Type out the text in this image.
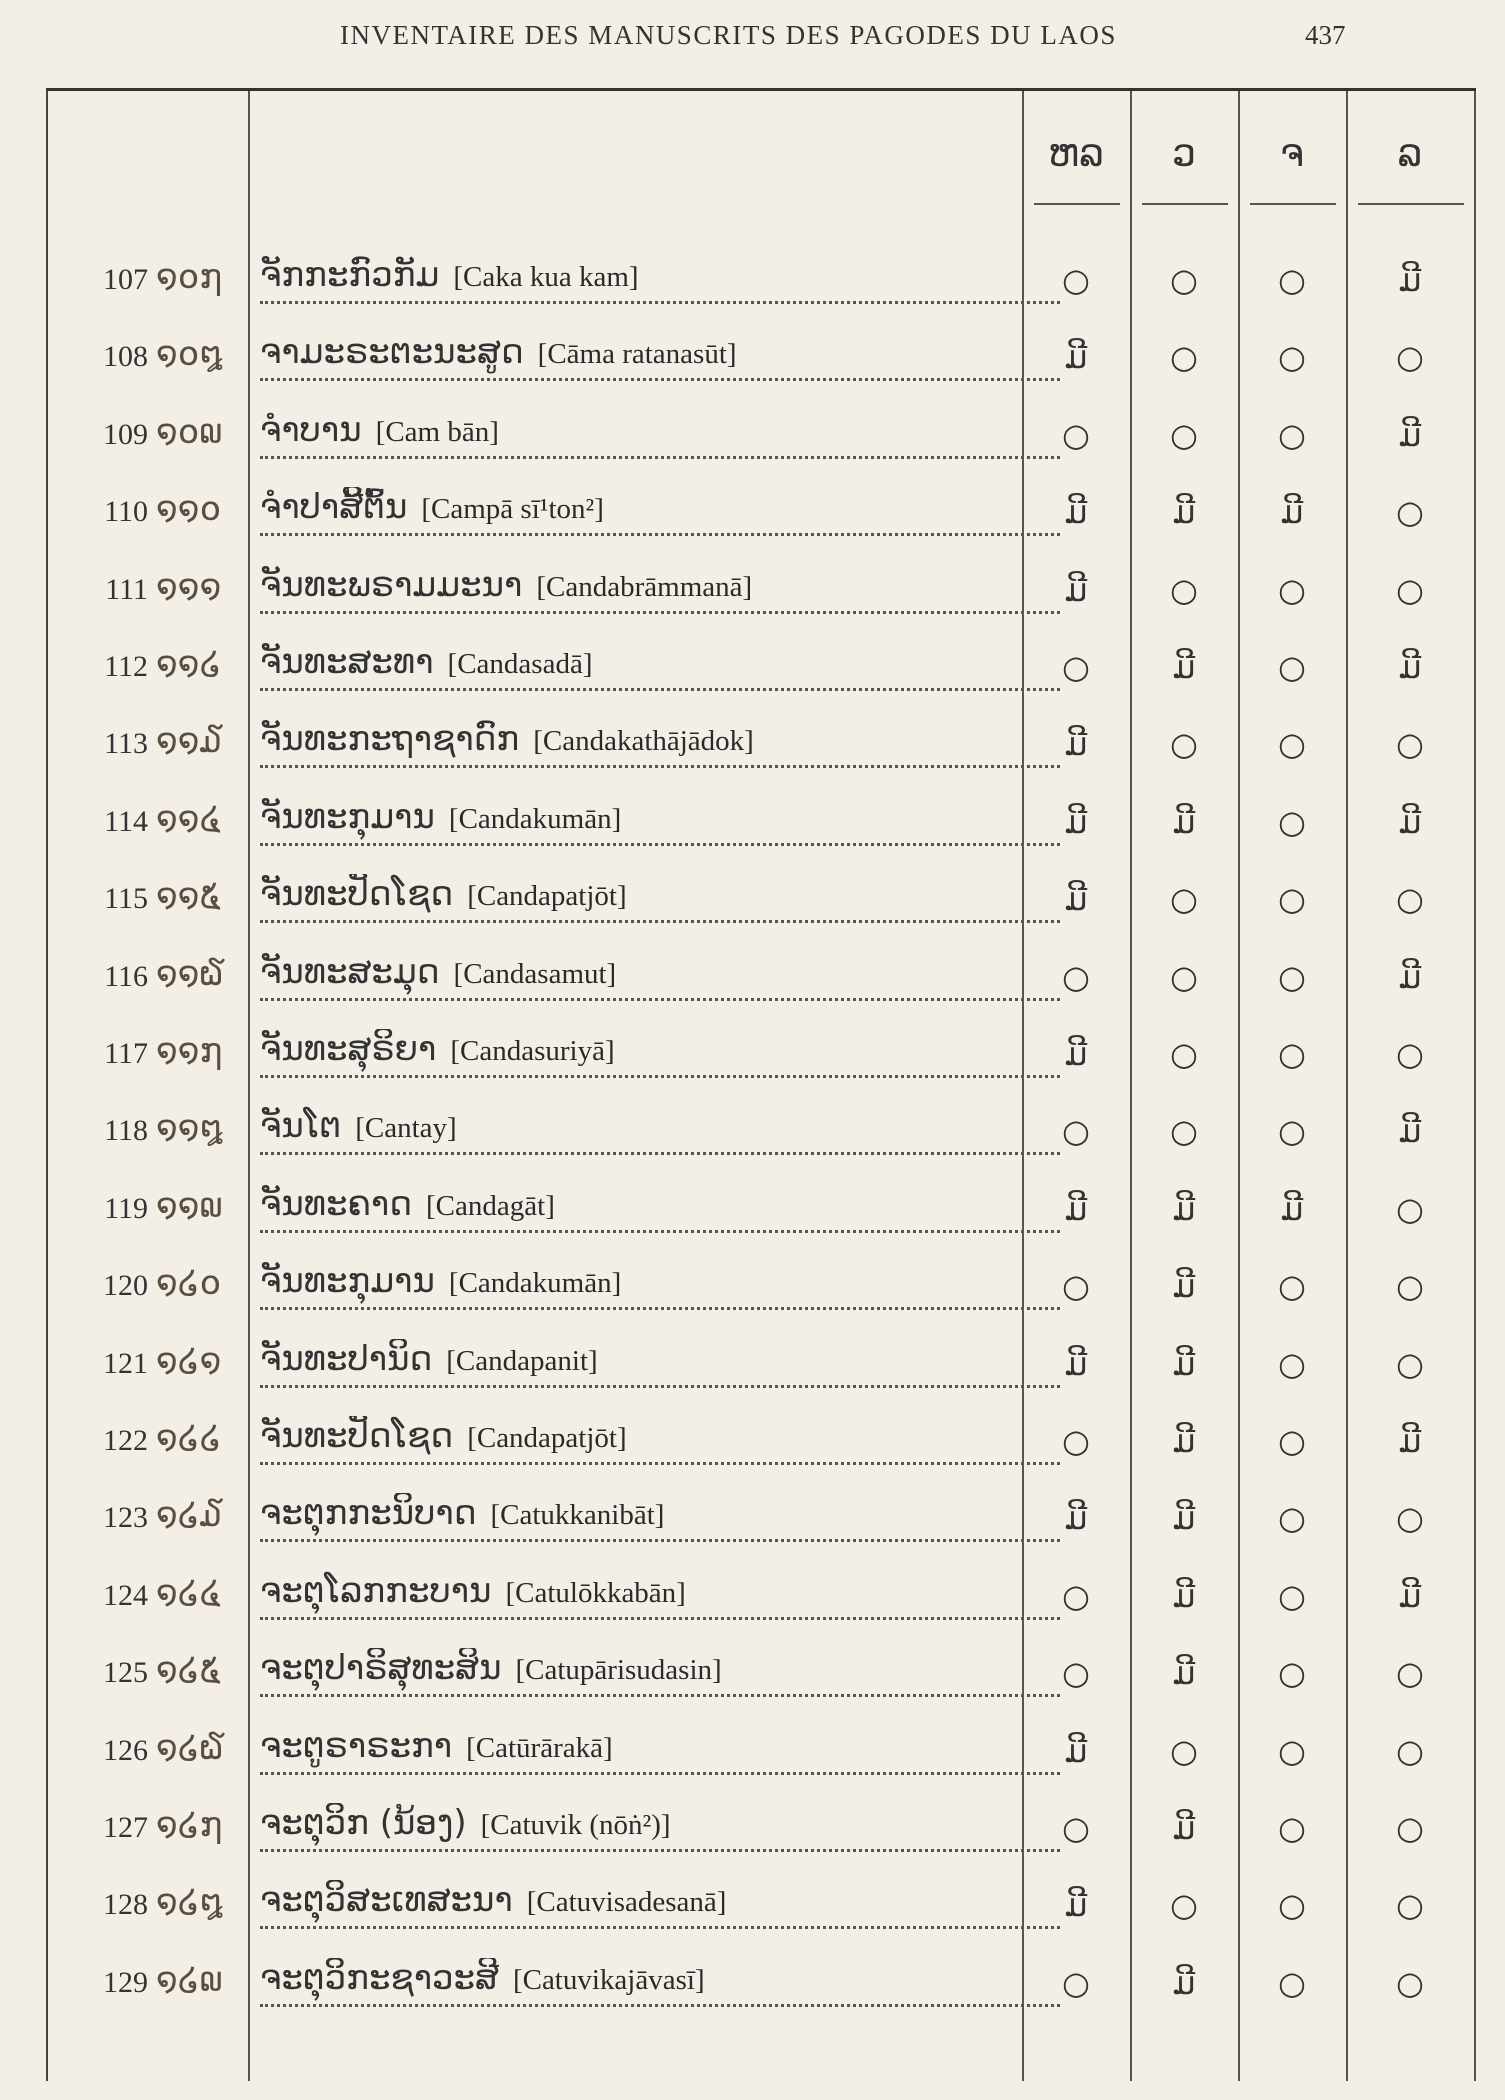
INVENTAIRE DES MANUSCRITS DES PAGODES DU LAOS	437
ຫລ	ວ	ຈ	ລ
107 ໑໐໗	ຈັກກະກົວກັມ [Caka kua kam]	○	○	○	ມີ
108 ໑໐໘	ຈາມະຣະຕະນະສູດ [Cāma ratanasūt]	ມີ	○	○	○
109 ໑໐໙	ຈໍາບານ [Cam bān]	○	○	○	ມີ
110 ໑໑໐	ຈໍາປາສີ້ຕົ້ນ [Campā sī¹ton²]	ມີ	ມີ	ມີ	○
111 ໑໑໑	ຈັນທະພຣາມມະນາ [Candabrāmmanā]	ມີ	○	○	○
112 ໑໑໒	ຈັນທະສະທາ [Candasadā]	○	ມີ	○	ມີ
113 ໑໑໓	ຈັນທະກະຖາຊາດົກ [Candakathājādok]	ມີ	○	○	○
114 ໑໑໔	ຈັນທະກຸມານ [Candakumān]	ມີ	ມີ	○	ມີ
115 ໑໑໕	ຈັນທະປັດໂຊດ [Candapatjōt]	ມີ	○	○	○
116 ໑໑໖	ຈັນທະສະມຸດ [Candasamut]	○	○	○	ມີ
117 ໑໑໗	ຈັນທະສຸຣິຍາ [Candasuriyā]	ມີ	○	○	○
118 ໑໑໘	ຈັນໂຕ [Cantay]	○	○	○	ມີ
119 ໑໑໙	ຈັນທະຄາດ [Candagāt]	ມີ	ມີ	ມີ	○
120 ໑໒໐	ຈັນທະກຸມານ [Candakumān]	○	ມີ	○	○
121 ໑໒໑	ຈັນທະປານິດ [Candapanit]	ມີ	ມີ	○	○
122 ໑໒໒	ຈັນທະປັດໂຊດ [Candapatjōt]	○	ມີ	○	ມີ
123 ໑໒໓	ຈະຕຸກກະນິບາດ [Catukkanibāt]	ມີ	ມີ	○	○
124 ໑໒໔	ຈະຕຸໂລກກະບານ [Catulōkkabān]	○	ມີ	○	ມີ
125 ໑໒໕	ຈະຕຸປາຣິສຸທະສິນ [Catupārisudasin]	○	ມີ	○	○
126 ໑໒໖	ຈະຕູຣາຣະກາ [Catūrārakā]	ມີ	○	○	○
127 ໑໒໗	ຈະຕຸວິກ (ນ້ອງ) [Catuvik (nōṅ²)]	○	ມີ	○	○
128 ໑໒໘	ຈະຕຸວິສະເທສະນາ [Catuvisadesanā]	ມີ	○	○	○
129 ໑໒໙	ຈະຕຸວິກະຊາວະສີ [Catuvikajāvasī]	○	ມີ	○	○
